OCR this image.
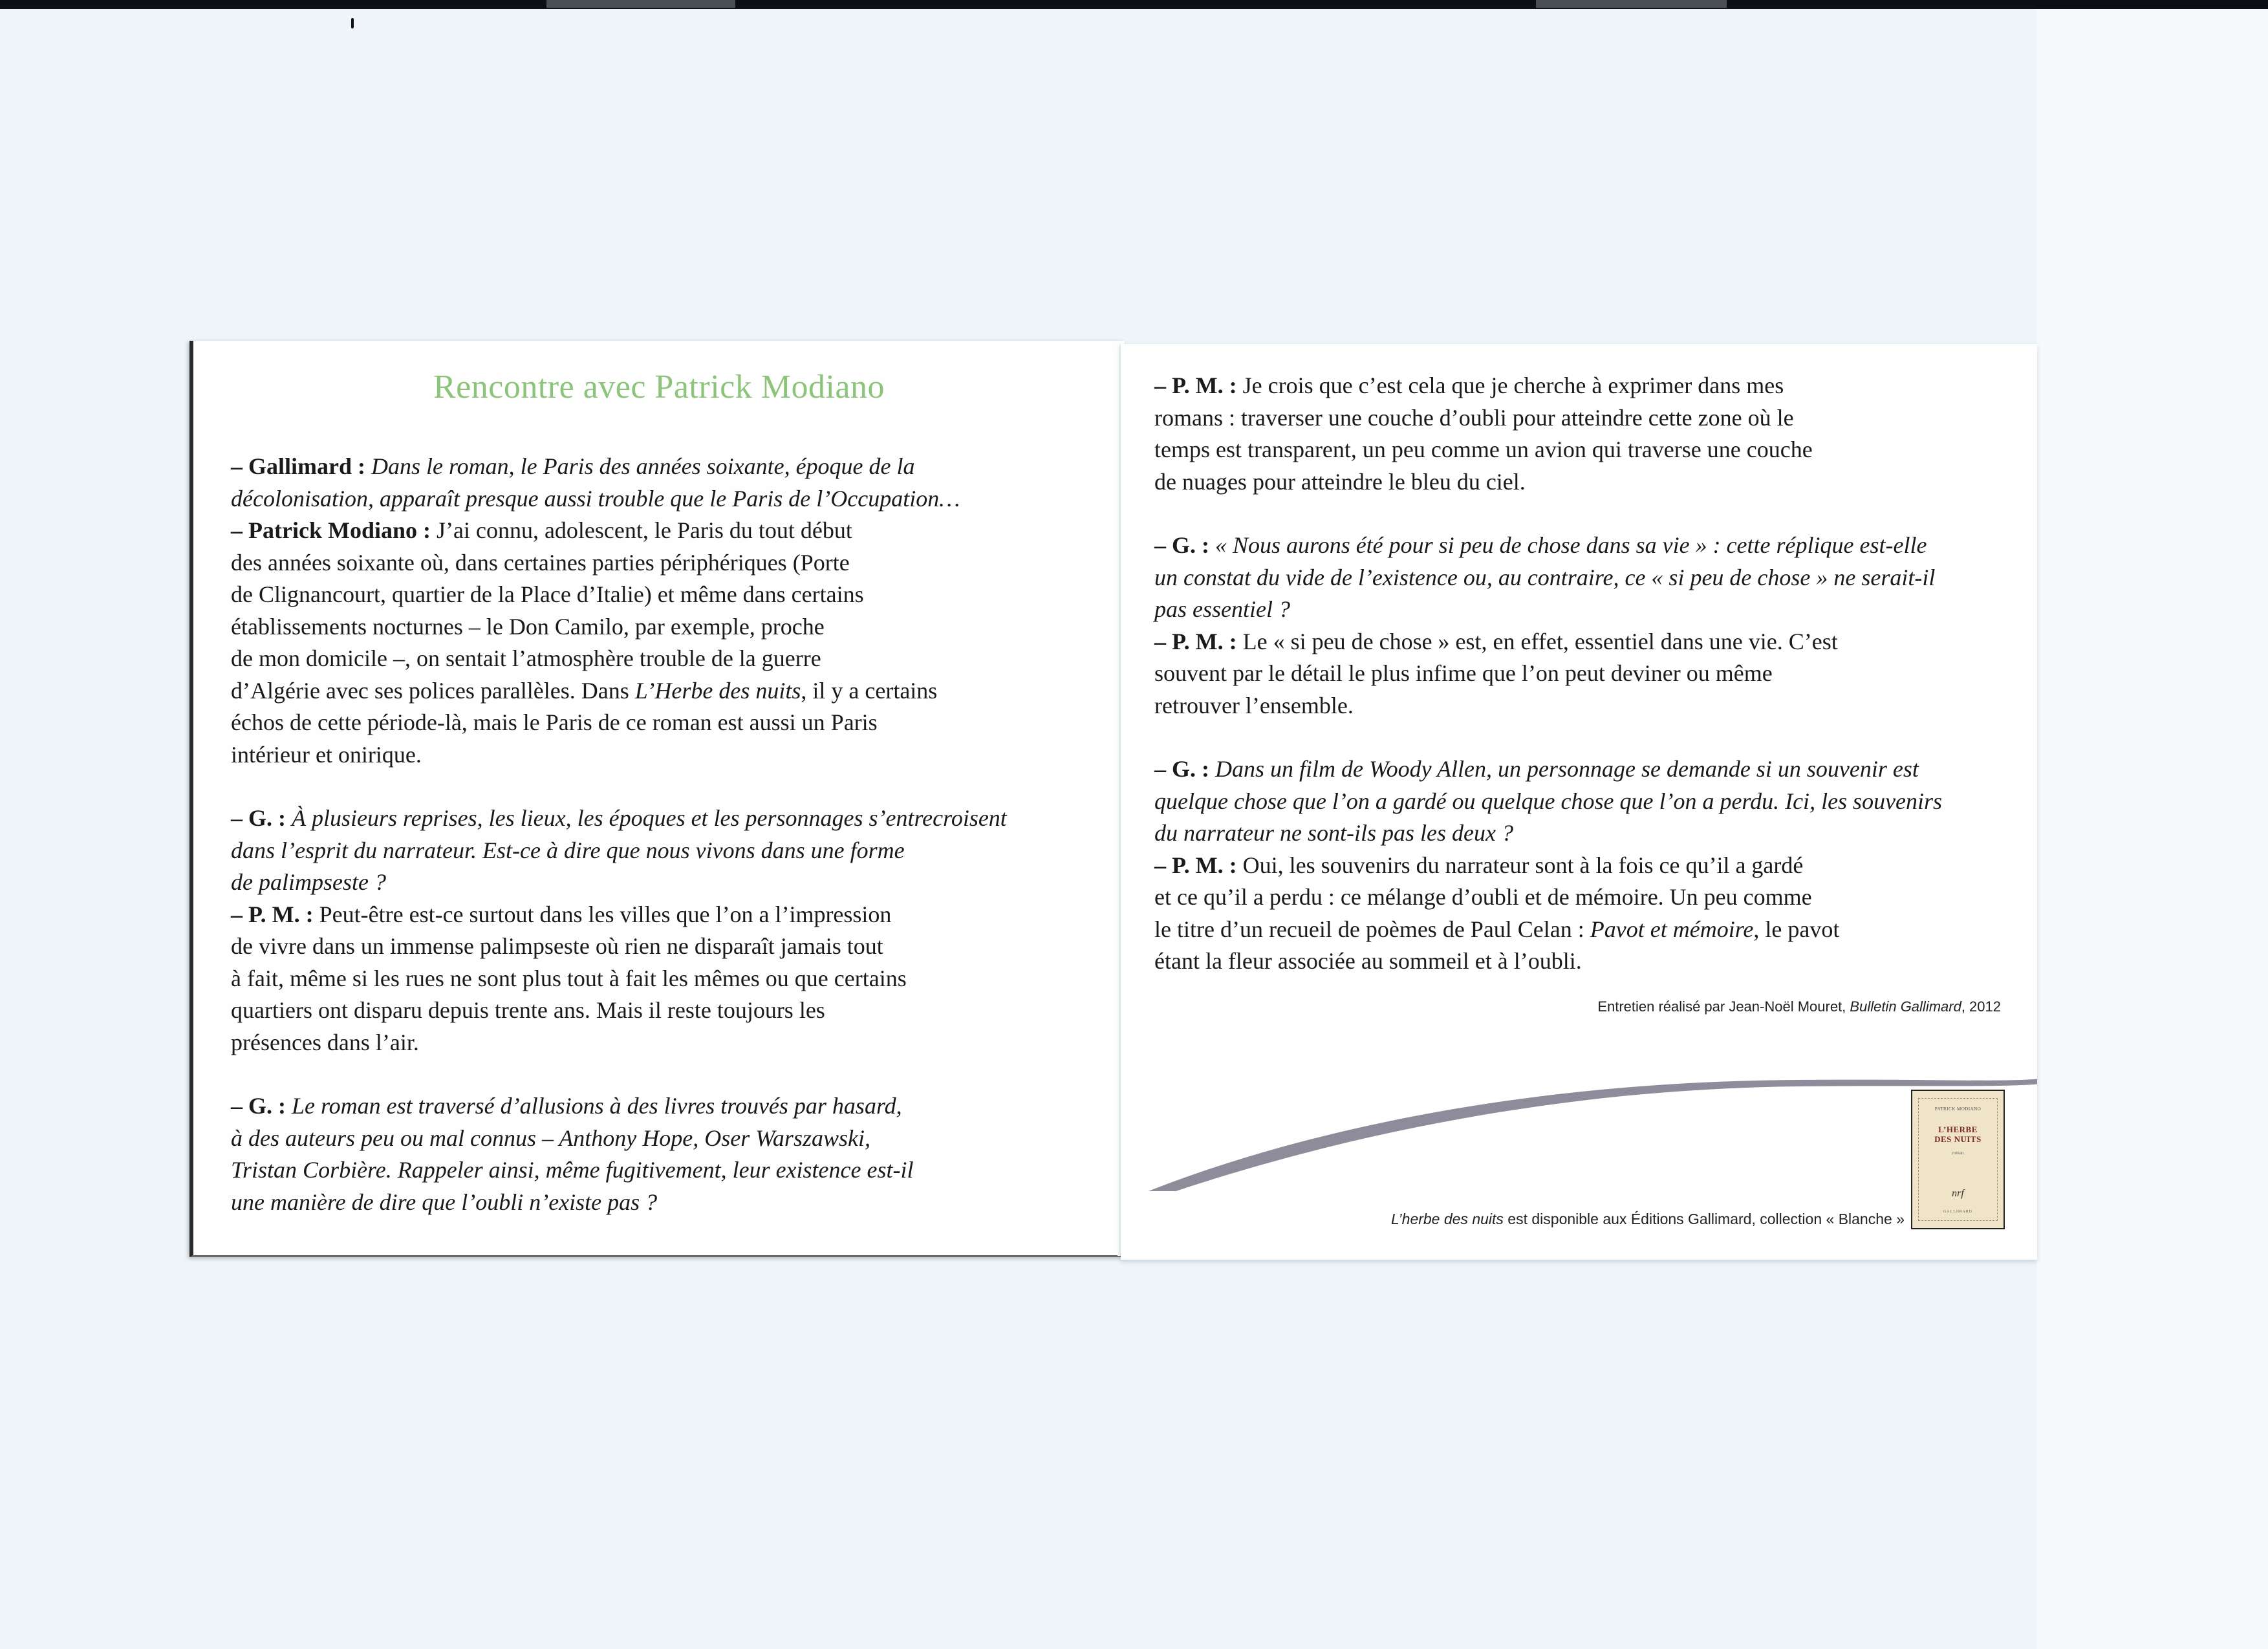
Rencontre avec Patrick Modiano

– Gallimard : Dans le roman, le Paris des années soixante, époque de la

décolonisation, apparaît presque aussi trouble que le Paris de l’Occupation…

– Patrick Modiano : J’ai connu, adolescent, le Paris du tout début

des années soixante où, dans certaines parties périphériques (Porte

de Clignancourt, quartier de la Place d’Italie) et même dans certains

établissements nocturnes – le Don Camilo, par exemple, proche

de mon domicile –, on sentait l’atmosphère trouble de la guerre

d’Algérie avec ses polices parallèles. Dans L’Herbe des nuits, il y a certains

échos de cette période-là, mais le Paris de ce roman est aussi un Paris

intérieur et onirique.

– G. : À plusieurs reprises, les lieux, les époques et les personnages s’entrecroisent

dans l’esprit du narrateur. Est-ce à dire que nous vivons dans une forme

de palimpseste ?

– P. M. : Peut-être est-ce surtout dans les villes que l’on a l’impression

de vivre dans un immense palimpseste où rien ne disparaît jamais tout

à fait, même si les rues ne sont plus tout à fait les mêmes ou que certains

quartiers ont disparu depuis trente ans. Mais il reste toujours les

présences dans l’air.

– G. : Le roman est traversé d’allusions à des livres trouvés par hasard,

à des auteurs peu ou mal connus – Anthony Hope, Oser Warszawski,

Tristan Corbière. Rappeler ainsi, même fugitivement, leur existence est-il

une manière de dire que l’oubli n’existe pas ?

– P. M. : Je crois que c’est cela que je cherche à exprimer dans mes

romans : traverser une couche d’oubli pour atteindre cette zone où le

temps est transparent, un peu comme un avion qui traverse une couche

de nuages pour atteindre le bleu du ciel.

– G. : « Nous aurons été pour si peu de chose dans sa vie » : cette réplique est-elle

un constat du vide de l’existence ou, au contraire, ce « si peu de chose » ne serait-il

pas essentiel ?

– P. M. : Le « si peu de chose » est, en effet, essentiel dans une vie. C’est

souvent par le détail le plus infime que l’on peut deviner ou même

retrouver l’ensemble.

– G. : Dans un film de Woody Allen, un personnage se demande si un souvenir est

quelque chose que l’on a gardé ou quelque chose que l’on a perdu. Ici, les souvenirs

du narrateur ne sont-ils pas les deux ?

– P. M. : Oui, les souvenirs du narrateur sont à la fois ce qu’il a gardé

et ce qu’il a perdu : ce mélange d’oubli et de mémoire. Un peu comme

le titre d’un recueil de poèmes de Paul Celan : Pavot et mémoire, le pavot

étant la fleur associée au sommeil et à l’oubli.

Entretien réalisé par Jean-Noël Mouret, Bulletin Gallimard, 2012
PATRICK MODIANO
L’HERBE
DES NUITS
roman
nrf
GALLIMARD
L’herbe des nuits est disponible aux Éditions Gallimard, collection « Blanche »
